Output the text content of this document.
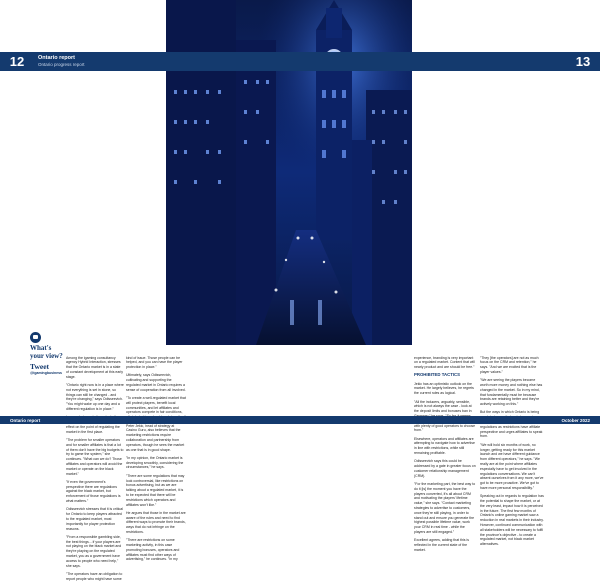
12	13
Ontario report
Ontario progress report
What's your view?
Tweet
@igamingbusiness

Among the igaming consultancy agency Hybrid Interaction, stresses that the Ontario market is in a state of constant development at this early stage.

"Ontario right now is in a place where not everything is set in stone, so things can still be changed - and they're changing," says Odisseevich. "You might wake up one day and a different regulation is in place."

effect on the point of regulating the market in the first place.

"The problem for smaller operators and for smaller affiliates is that a lot of them don't have the big budgets to try to game the system," she continues. "What can we do? Those affiliates and operators will avoid the market or operate on the black market."

"If even the government's perspective there are regulations against the black market, but enforcement of those regulations is what matters."

Odisseevich stresses that it is critical for Ontario to keep players attracted to the regulated market, most importantly for player protection reasons.

"From a responsible gambling side, the best things... if your players are not playing on the black market and they're playing on the regulated market, you as a government have access to people who need help," she says.

"The operators have an obligation to report people who might have some

kind of issue. Those people can be helped, and you can have the player protection in place."

Ultimately, says Odisseevich, cultivating and supporting the regulated market in Ontario requires a sense of cooperation from all involved.

"To create a well-regulated market that will protect players, benefit local communities, and let affiliates and operators compete in fair conditions,

Peter Jekic, head of strategy at Casino Guru, also believes that the marketing restrictions require collaboration and partnership from operators, though he sees the market as one that is in good shape.

"In my opinion, the Ontario market is developing smoothly, considering the circumstances," he says.

"There are some regulations that may look controversial, like restrictions on bonus advertising, but as we are talking about a regulated market, it is to be expected that there will be restrictions which operators and affiliates won't like."

He argues that those in the market are aware of the rules and need to find different ways to promote their brands, ways that do not infringe on the restrictions.

"There are restrictions on some marketing activity, in this case promoting bonuses, operators and affiliates must find other ways of advertising," he continues. "In my

experience, branding is very important on a regulated market. Content that will nearly product and are should be free."

PROHIBITED TACTICS

Jekic has an optimistic outlook on the market. He largely believes, he regrets the current rules as logical.

"All the inducers, arguably, sensible, which is not always the case - look at the deposit limits and bonuses ban in with plenty of good operators to choose from."

Elsewhere, operators and affiliates are attempting to navigate how to advertise in line with restrictions, while still remaining profitable.

Odisseevich says this could be addressed by a gate in greater focus on customer relationship management (CRM).

"For the marketing part, the best way to do it [is] the moment you have the players converted, it's all about CRM and motivating the players' lifetime value," she says. "Contact marketing strategies to advertise to customers, once they're still playing, in order to stand out and ensure you generate the highest possible lifetime value, work your CRM in real time - while the players are still engaged."

Excellent agrees, adding that this is reflected in the current state of the market.

"They [the operators] are not as much focus on the CRM and retention," he says. "And we are excited that is the player values."

"We are seeing the players become worth more money and nothing else has changed in the market. So in my mind, that fundamentally must be because brands are retaining better and they're actively working on this."

But the ways in which Ontario is being regulations as restrictions have affiliate perspective and urges affiliates to speak from.

"We will hold six months of work, no longer, getting ready for this market launch and we have different guidance from different operators," he says. "We really are at the point where affiliates especially have to get involved in the regulations conversations. We can't absent ourselves from it any more, we've got to be more proactive. We've got to have more personal responsibility."

Speaking out in regards to regulation has the potential to shape the market, or at the very least, impact how it is perceived in the future. The first few months of Ontario's online gaming market saw a reduction in real markets in their industry. However, continued communication with all stakeholders will be necessary to fulfil the province's objective - to create a regulated market, not black market alternatives.

Ontario report	October 2022
